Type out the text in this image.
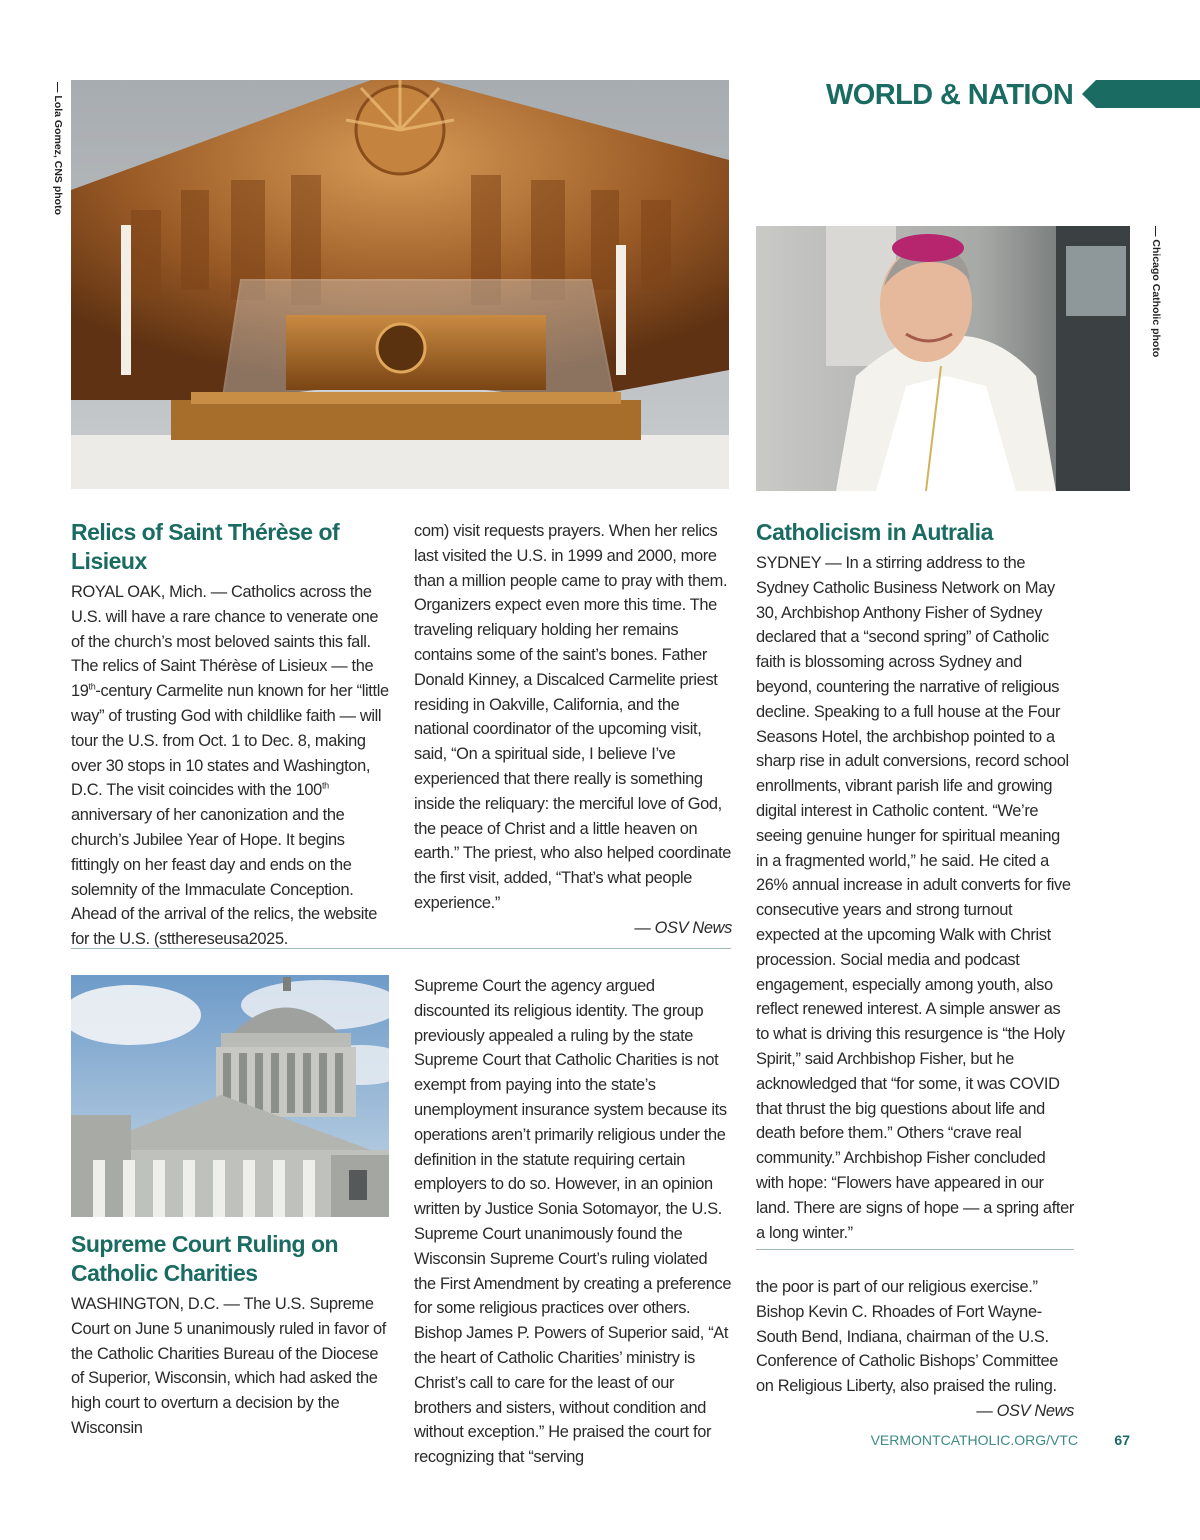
WORLD & NATION
— Lola Gomez, CNS photo
— Chicago Catholic photo
Relics of Saint Thérèse of Lisieux

ROYAL OAK, Mich. — Catholics across the U.S. will have a rare chance to venerate one of the church’s most beloved saints this fall. The relics of Saint Thérèse of Lisieux — the 19th-century Carmelite nun known for her “little way” of trusting God with childlike faith — will tour the U.S. from Oct. 1 to Dec. 8, making over 30 stops in 10 states and Washington, D.C. The visit coincides with the 100th anniversary of her canonization and the church’s Jubilee Year of Hope. It begins fittingly on her feast day and ends on the solemnity of the Immaculate Conception. Ahead of the arrival of the relics, the website for the U.S. (stthereseusa2025.

com) visit requests prayers. When her relics last visited the U.S. in 1999 and 2000, more than a million people came to pray with them. Organizers expect even more this time. The traveling reliquary holding her remains contains some of the saint’s bones. Father Donald Kinney, a Discalced Carmelite priest residing in Oakville, California, and the national coordinator of the upcoming visit, said, “On a spiritual side, I believe I’ve experienced that there really is something inside the reliquary: the merciful love of God, the peace of Christ and a little heaven on earth.” The priest, who also helped coordinate the first visit, added, “That’s what people experience.”

— OSV News

Catholicism in Autralia

SYDNEY — In a stirring address to the Sydney Catholic Business Network on May 30, Archbishop Anthony Fisher of Sydney declared that a “second spring” of Catholic faith is blossoming across Sydney and beyond, countering the narrative of religious decline. Speaking to a full house at the Four Seasons Hotel, the archbishop pointed to a sharp rise in adult conversions, record school enrollments, vibrant parish life and growing digital interest in Catholic content. “We’re seeing genuine hunger for spiritual meaning in a fragmented world,” he said. He cited a 26% annual increase in adult converts for five consecutive years and strong turnout expected at the upcoming Walk with Christ procession. Social media and podcast engagement, especially among youth, also reflect renewed interest. A simple answer as to what is driving this resurgence is “the Holy Spirit,” said Archbishop Fisher, but he acknowledged that “for some, it was COVID that thrust the big questions about life and death before them.” Others “crave real community.” Archbishop Fisher concluded with hope: “Flowers have appeared in our land. There are signs of hope — a spring after a long winter.”

Supreme Court Ruling on Catholic Charities

WASHINGTON, D.C. — The U.S. Supreme Court on June 5 unanimously ruled in favor of the Catholic Charities Bureau of the Diocese of Superior, Wisconsin, which had asked the high court to overturn a decision by the Wisconsin

Supreme Court the agency argued discounted its religious identity. The group previously appealed a ruling by the state Supreme Court that Catholic Charities is not exempt from paying into the state’s unemployment insurance system because its operations aren’t primarily religious under the definition in the statute requiring certain employers to do so. However, in an opinion written by Justice Sonia Sotomayor, the U.S. Supreme Court unanimously found the Wisconsin Supreme Court’s ruling violated the First Amendment by creating a preference for some religious practices over others. Bishop James P. Powers of Superior said, “At the heart of Catholic Charities’ ministry is Christ’s call to care for the least of our brothers and sisters, without condition and without exception.” He praised the court for recognizing that “serving

the poor is part of our religious exercise.” Bishop Kevin C. Rhoades of Fort Wayne-South Bend, Indiana, chairman of the U.S. Conference of Catholic Bishops’ Committee on Religious Liberty, also praised the ruling.

— OSV News

VERMONTCATHOLIC.ORG/VTC	67
